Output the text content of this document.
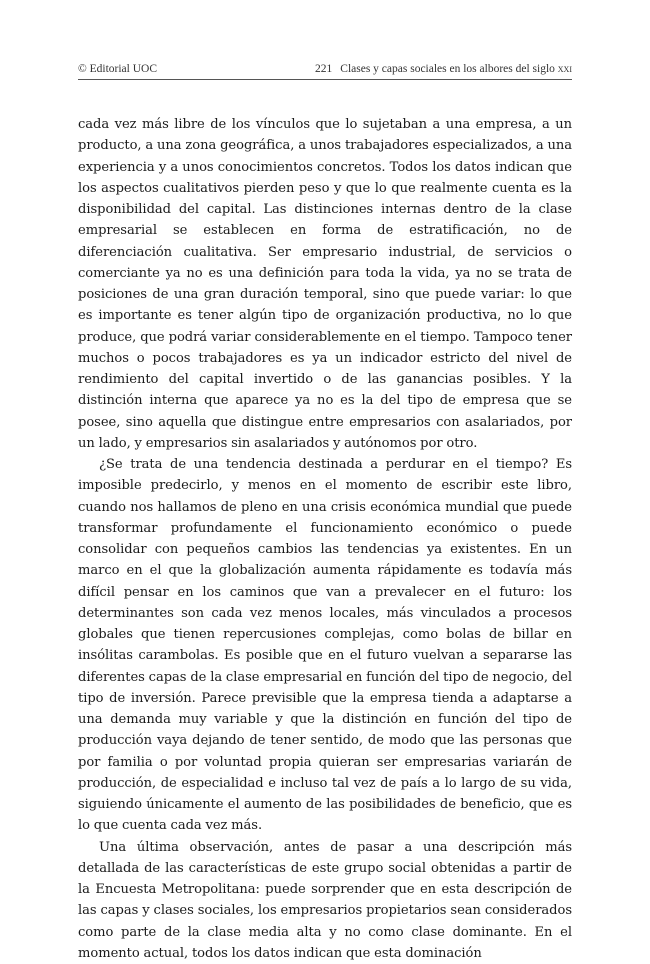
© Editorial UOC	221 Clases y capas sociales en los albores del siglo xxi

cada vez más libre de los vínculos que lo sujetaban a una empresa, a un producto, a una zona geográfica, a unos trabajadores especializados, a una experiencia y a unos conocimientos concretos. Todos los datos indican que los aspectos cualitativos pierden peso y que lo que realmente cuenta es la disponibilidad del capital. Las distinciones internas dentro de la clase empresarial se establecen en forma de estratificación, no de diferenciación cualitativa. Ser empresario industrial, de servicios o comerciante ya no es una definición para toda la vida, ya no se trata de posiciones de una gran duración temporal, sino que puede variar: lo que es importante es tener algún tipo de organización productiva, no lo que produce, que podrá variar considerablemente en el tiempo. Tampoco tener muchos o pocos trabajadores es ya un indicador estricto del nivel de rendimiento del capital invertido o de las ganancias posibles. Y la distinción interna que aparece ya no es la del tipo de empresa que se posee, sino aquella que distingue entre empresarios con asalariados, por un lado, y empresarios sin asalariados y autónomos por otro.

¿Se trata de una tendencia destinada a perdurar en el tiempo? Es imposible predecirlo, y menos en el momento de escribir este libro, cuando nos hallamos de pleno en una crisis económica mundial que puede transformar profundamente el funcionamiento económico o puede consolidar con pequeños cambios las tendencias ya existentes. En un marco en el que la globalización aumenta rápidamente es todavía más difícil pensar en los caminos que van a prevalecer en el futuro: los determinantes son cada vez menos locales, más vinculados a procesos globales que tienen repercusiones complejas, como bolas de billar en insólitas carambolas. Es posible que en el futuro vuelvan a separarse las diferentes capas de la clase empresarial en función del tipo de negocio, del tipo de inversión. Parece previsible que la empresa tienda a adaptarse a una demanda muy variable y que la distinción en función del tipo de producción vaya dejando de tener sentido, de modo que las personas que por familia o por voluntad propia quieran ser empresarias variarán de producción, de especialidad e incluso tal vez de país a lo largo de su vida, siguiendo únicamente el aumento de las posibilidades de beneficio, que es lo que cuenta cada vez más.

Una última observación, antes de pasar a una descripción más detallada de las características de este grupo social obtenidas a partir de la Encuesta Metropolitana: puede sorprender que en esta descripción de las capas y clases sociales, los empresarios propietarios sean considerados como parte de la clase media alta y no como clase dominante. En el momento actual, todos los datos indican que esta dominación
